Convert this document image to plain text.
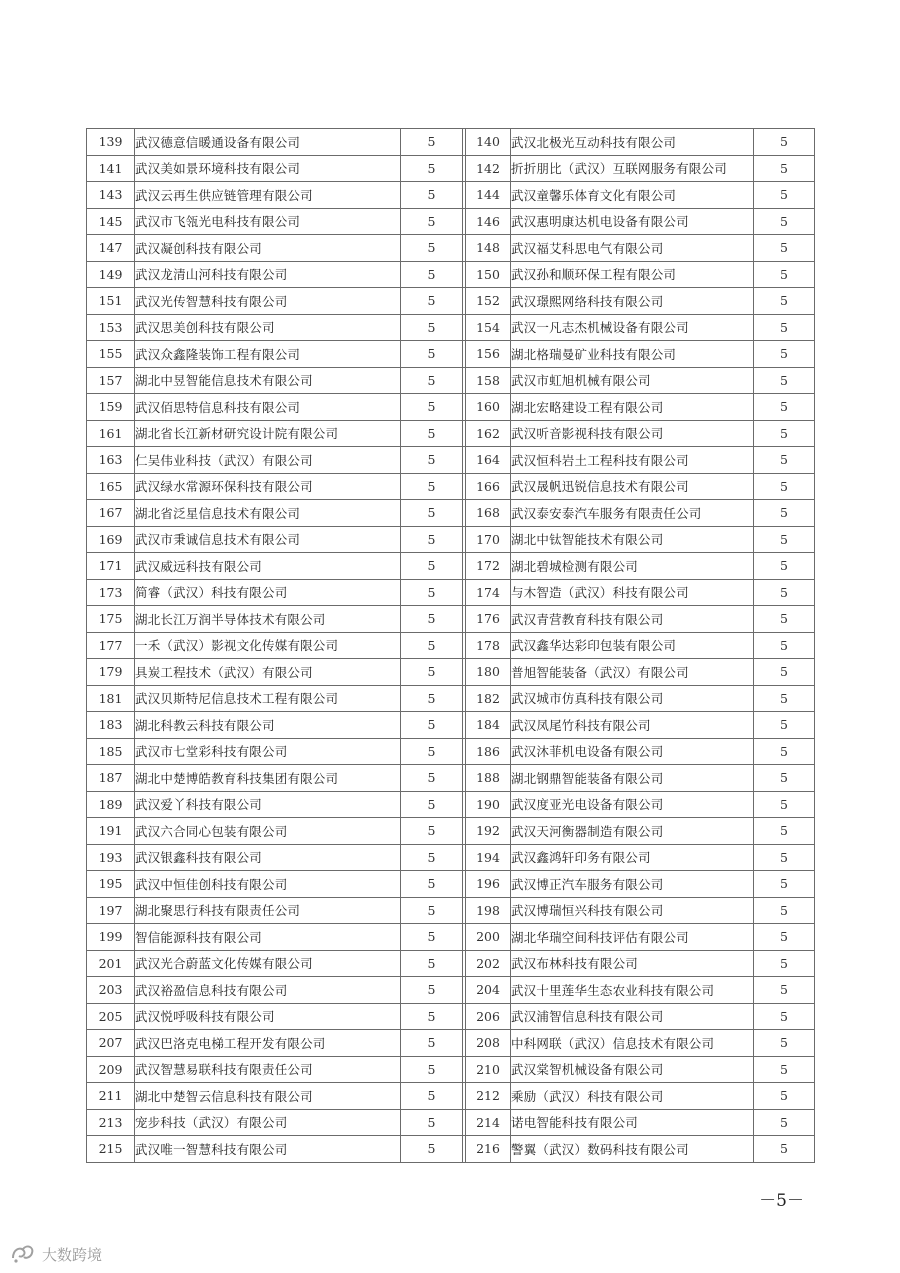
139	武汉德意信暖通设备有限公司	5		140	武汉北极光互动科技有限公司	5
141	武汉美如景环境科技有限公司	5		142	折折朋比（武汉）互联网服务有限公司	5
143	武汉云再生供应链管理有限公司	5		144	武汉童馨乐体育文化有限公司	5
145	武汉市飞瓴光电科技有限公司	5		146	武汉惠明康达机电设备有限公司	5
147	武汉凝创科技有限公司	5		148	武汉福艾科思电气有限公司	5
149	武汉龙清山河科技有限公司	5		150	武汉孙和顺环保工程有限公司	5
151	武汉光传智慧科技有限公司	5		152	武汉璟熙网络科技有限公司	5
153	武汉思美创科技有限公司	5		154	武汉一凡志杰机械设备有限公司	5
155	武汉众鑫隆装饰工程有限公司	5		156	湖北格瑞曼矿业科技有限公司	5
157	湖北中昱智能信息技术有限公司	5		158	武汉市虹旭机械有限公司	5
159	武汉佰思特信息科技有限公司	5		160	湖北宏略建设工程有限公司	5
161	湖北省长江新材研究设计院有限公司	5		162	武汉听音影视科技有限公司	5
163	仁吴伟业科技（武汉）有限公司	5		164	武汉恒科岩土工程科技有限公司	5
165	武汉绿水常源环保科技有限公司	5		166	武汉晟帆迅锐信息技术有限公司	5
167	湖北省泛星信息技术有限公司	5		168	武汉泰安泰汽车服务有限责任公司	5
169	武汉市秉诚信息技术有限公司	5		170	湖北中钛智能技术有限公司	5
171	武汉威远科技有限公司	5		172	湖北碧城检测有限公司	5
173	简睿（武汉）科技有限公司	5		174	与木智造（武汉）科技有限公司	5
175	湖北长江万润半导体技术有限公司	5		176	武汉青营教育科技有限公司	5
177	一禾（武汉）影视文化传媒有限公司	5		178	武汉鑫华达彩印包装有限公司	5
179	具炭工程技术（武汉）有限公司	5		180	普旭智能装备（武汉）有限公司	5
181	武汉贝斯特尼信息技术工程有限公司	5		182	武汉城市仿真科技有限公司	5
183	湖北科教云科技有限公司	5		184	武汉凤尾竹科技有限公司	5
185	武汉市七堂彩科技有限公司	5		186	武汉沐菲机电设备有限公司	5
187	湖北中楚博皓教育科技集团有限公司	5		188	湖北钢鼎智能装备有限公司	5
189	武汉爱丫科技有限公司	5		190	武汉度亚光电设备有限公司	5
191	武汉六合同心包装有限公司	5		192	武汉天河衡器制造有限公司	5
193	武汉银鑫科技有限公司	5		194	武汉鑫鸿轩印务有限公司	5
195	武汉中恒佳创科技有限公司	5		196	武汉博正汽车服务有限公司	5
197	湖北聚思行科技有限责任公司	5		198	武汉博瑞恒兴科技有限公司	5
199	智信能源科技有限公司	5		200	湖北华瑞空间科技评估有限公司	5
201	武汉光合蔚蓝文化传媒有限公司	5		202	武汉布林科技有限公司	5
203	武汉裕盈信息科技有限公司	5		204	武汉十里莲华生态农业科技有限公司	5
205	武汉悦呼吸科技有限公司	5		206	武汉浦智信息科技有限公司	5
207	武汉巴洛克电梯工程开发有限公司	5		208	中科网联（武汉）信息技术有限公司	5
209	武汉智慧易联科技有限责任公司	5		210	武汉棠智机械设备有限公司	5
211	湖北中楚智云信息科技有限公司	5		212	乘励（武汉）科技有限公司	5
213	宠步科技（武汉）有限公司	5		214	诺电智能科技有限公司	5
215	武汉唯一智慧科技有限公司	5		216	警翼（武汉）数码科技有限公司	5
－5－
大数跨境
